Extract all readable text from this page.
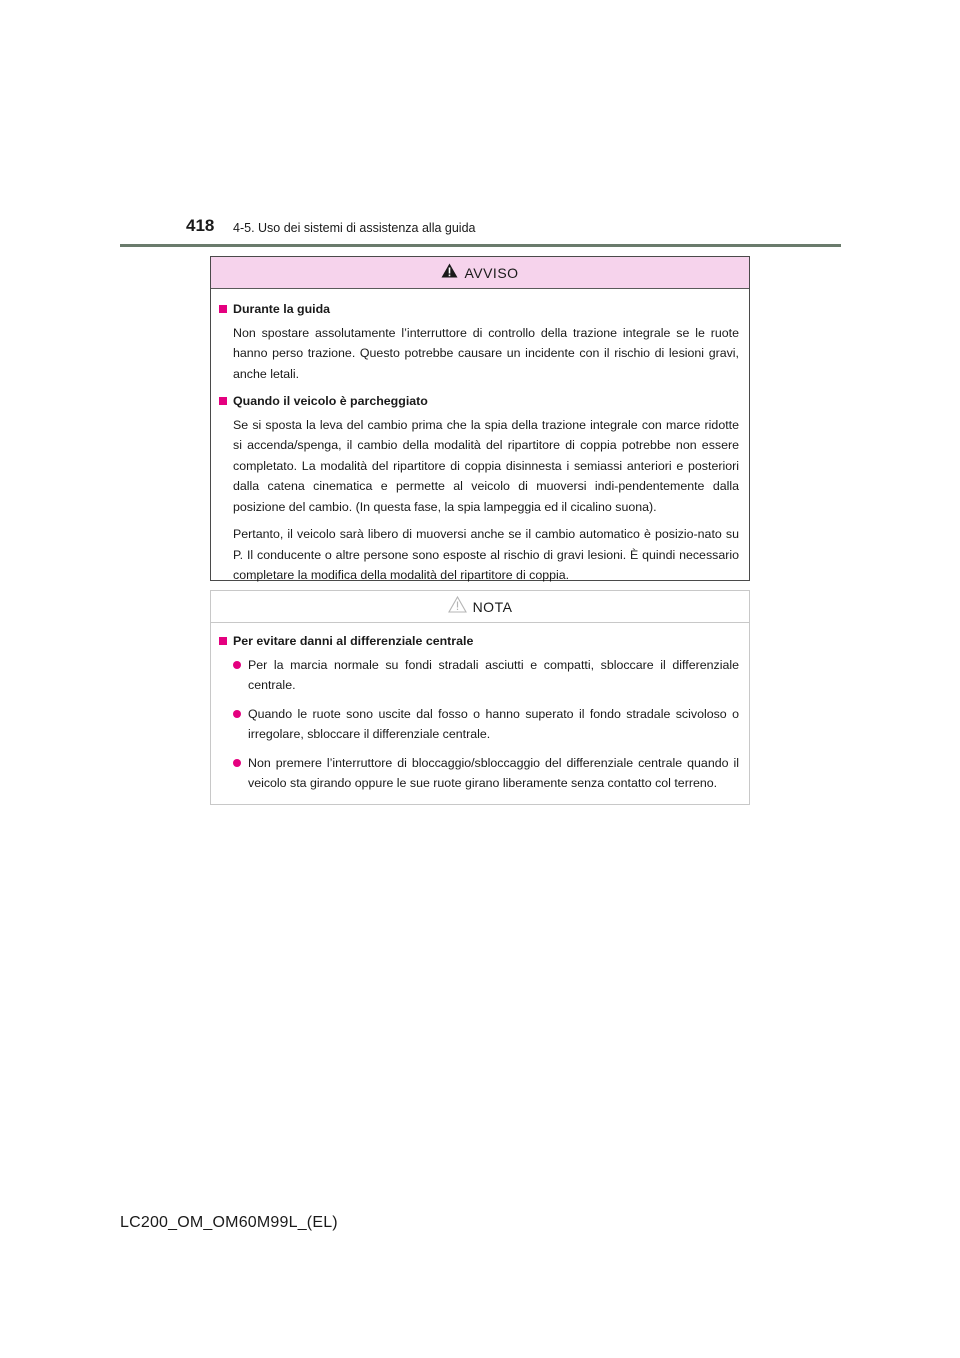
418 4-5. Uso dei sistemi di assistenza alla guida
AVVISO
Durante la guida
Non spostare assolutamente l’interruttore di controllo della trazione integrale se le ruote hanno perso trazione. Questo potrebbe causare un incidente con il rischio di lesioni gravi, anche letali.
Quando il veicolo è parcheggiato
Se si sposta la leva del cambio prima che la spia della trazione integrale con marce ridotte si accenda/spenga, il cambio della modalità del ripartitore di coppia potrebbe non essere completato. La modalità del ripartitore di coppia disinnesta i semiassi anteriori e posteriori dalla catena cinematica e permette al veicolo di muoversi indi-pendentemente dalla posizione del cambio. (In questa fase, la spia lampeggia ed il cicalino suona).
Pertanto, il veicolo sarà libero di muoversi anche se il cambio automatico è posizio-nato su P. Il conducente o altre persone sono esposte al rischio di gravi lesioni. È quindi necessario completare la modifica della modalità del ripartitore di coppia.
NOTA
Per evitare danni al differenziale centrale
Per la marcia normale su fondi stradali asciutti e compatti, sbloccare il differenziale centrale.
Quando le ruote sono uscite dal fosso o hanno superato il fondo stradale scivoloso o irregolare, sbloccare il differenziale centrale.
Non premere l’interruttore di bloccaggio/sbloccaggio del differenziale centrale quando il veicolo sta girando oppure le sue ruote girano liberamente senza contatto col terreno.
LC200_OM_OM60M99L_(EL)
